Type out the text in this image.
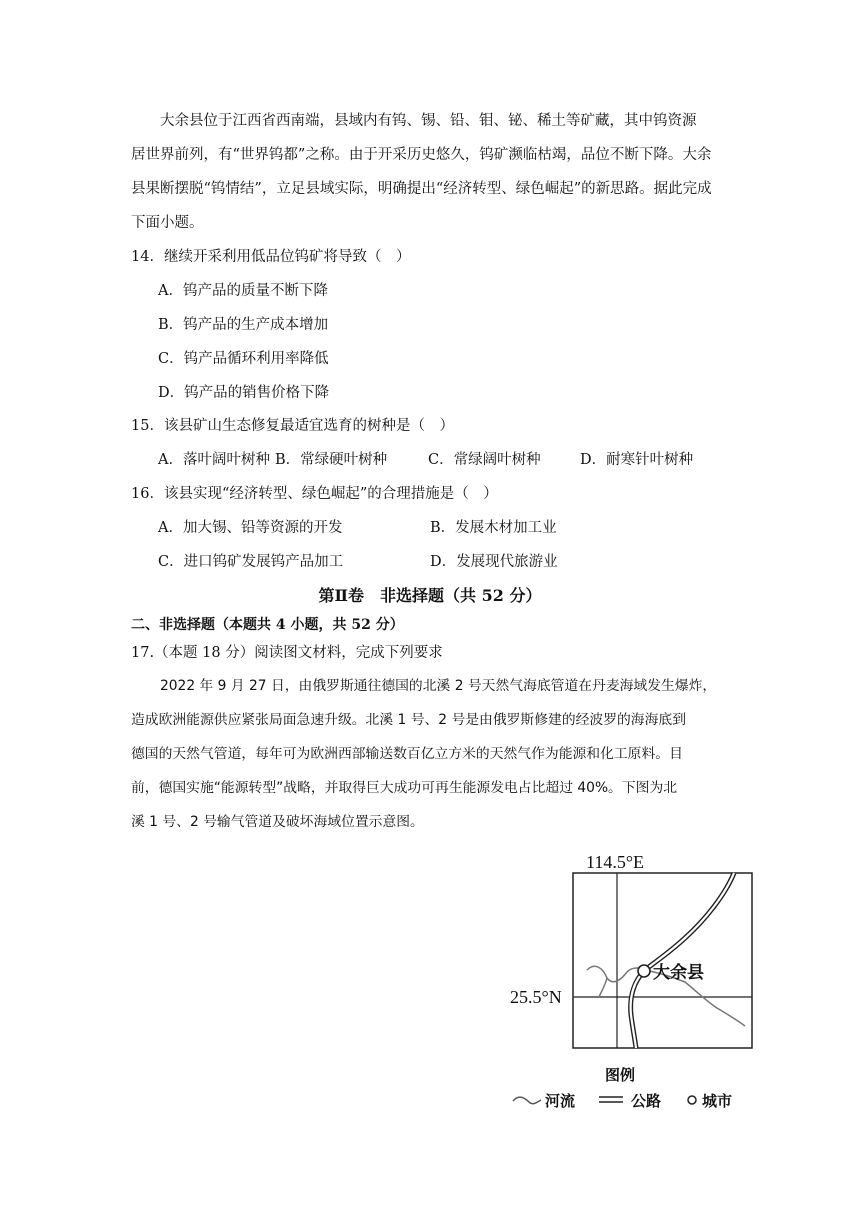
大余县位于江西省西南端，县域内有钨、锡、铅、钼、铋、稀土等矿藏，其中钨资源
居世界前列，有“世界钨都”之称。由于开采历史悠久，钨矿濒临枯竭，品位不断下降。大余
县果断摆脱“钨情结”，立足县域实际，明确提出“经济转型、绿色崛起”的新思路。据此完成
下面小题。
14．继续开采利用低品位钨矿将导致（　）
A．钨产品的质量不断下降
B．钨产品的生产成本增加
C．钨产品循环利用率降低
D．钨产品的销售价格下降
15．该县矿山生态修复最适宜选育的树种是（　）
A．落叶阔叶树种 B．常绿硬叶树种	C．常绿阔叶树种	D．耐寒针叶树种
16．该县实现“经济转型、绿色崛起”的合理措施是（　）
A．加大锡、铅等资源的开发	B．发展木材加工业
C．进口钨矿发展钨产品加工	D．发展现代旅游业
第Ⅱ卷　非选择题（共 52 分）
二、非选择题（本题共 4 小题，共 52 分）
17.（本题 18 分）阅读图文材料，完成下列要求
2022 年 9 月 27 日，由俄罗斯通往德国的北溪 2 号天然气海底管道在丹麦海域发生爆炸，
造成欧洲能源供应紧张局面急速升级。北溪 1 号、2 号是由俄罗斯修建的经波罗的海海底到
德国的天然气管道，每年可为欧洲西部输送数百亿立方米的天然气作为能源和化工原料。目
前，德国实施“能源转型”战略，并取得巨大成功可再生能源发电占比超过 40%。下图为北
溪 1 号、2 号输气管道及破坏海域位置示意图。
114.5°E
25.5°N
大余县
图例
河流	公路	城市
